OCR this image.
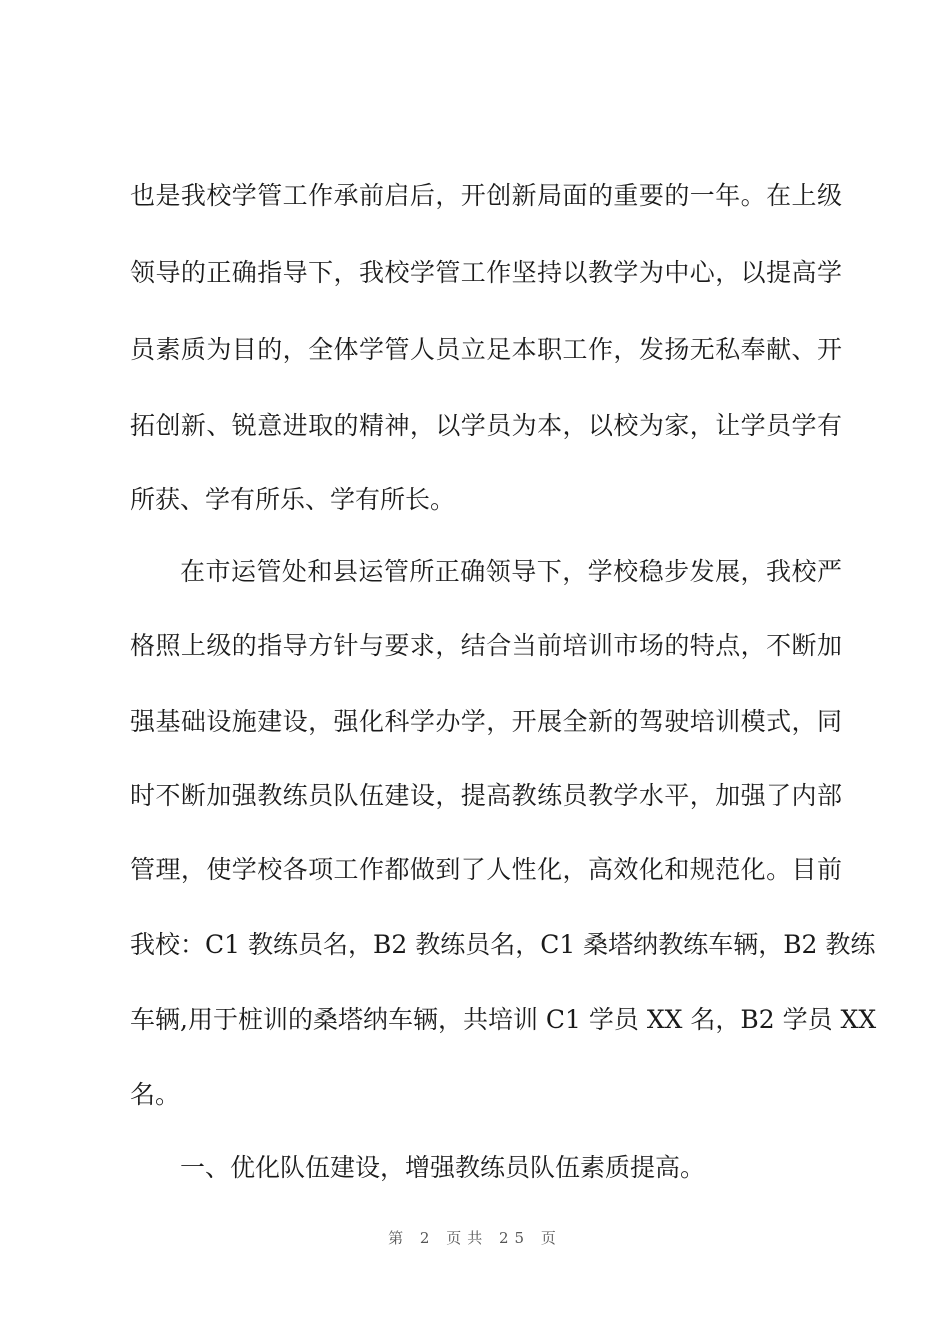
也是我校学管工作承前启后，开创新局面的重要的一年。在上级
领导的正确指导下，我校学管工作坚持以教学为中心，以提高学
员素质为目的，全体学管人员立足本职工作，发扬无私奉献、开
拓创新、锐意进取的精神，以学员为本，以校为家，让学员学有
所获、学有所乐、学有所长。
在市运管处和县运管所正确领导下，学校稳步发展，我校严
格照上级的指导方针与要求，结合当前培训市场的特点，不断加
强基础设施建设，强化科学办学，开展全新的驾驶培训模式，同
时不断加强教练员队伍建设，提高教练员教学水平，加强了内部
管理，使学校各项工作都做到了人性化，高效化和规范化。目前
我校：C1 教练员名，B2 教练员名，C1 桑塔纳教练车辆，B2 教练
车辆,用于桩训的桑塔纳车辆，共培训 C1 学员 XX 名，B2 学员 XX
名。
一、优化队伍建设，增强教练员队伍素质提高。
第 2 页共 25 页
